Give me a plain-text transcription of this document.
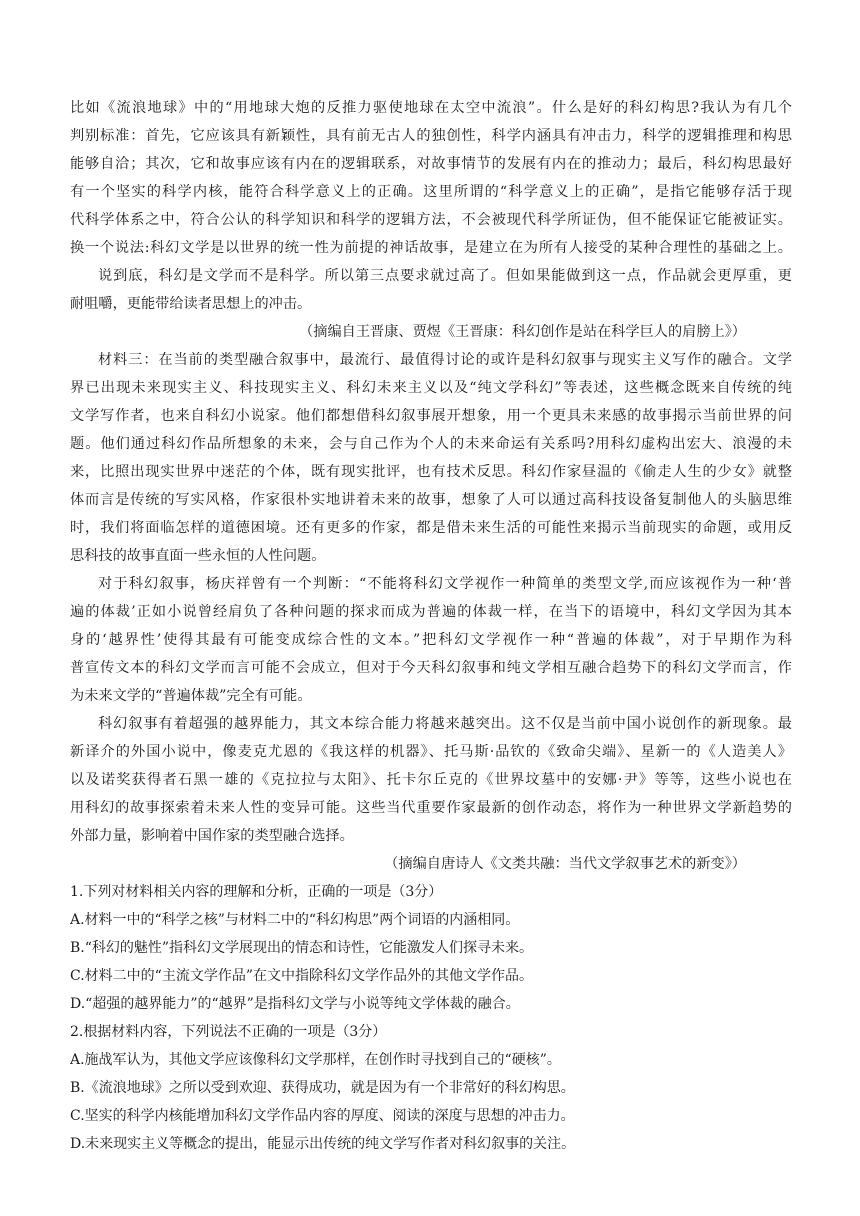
比如《流浪地球》中的“用地球大炮的反推力驱使地球在太空中流浪”。什么是好的科幻构思?我认为有几个
判别标准：首先，它应该具有新颖性，具有前无古人的独创性，科学内涵具有冲击力，科学的逻辑推理和构思
能够自洽；其次，它和故事应该有内在的逻辑联系，对故事情节的发展有内在的推动力；最后，科幻构思最好
有一个坚实的科学内核，能符合科学意义上的正确。这里所谓的“科学意义上的正确”，是指它能够存活于现
代科学体系之中，符合公认的科学知识和科学的逻辑方法，不会被现代科学所证伪，但不能保证它能被证实。
换一个说法:科幻文学是以世界的统一性为前提的神话故事，是建立在为所有人接受的某种合理性的基础之上。
说到底，科幻是文学而不是科学。所以第三点要求就过高了。但如果能做到这一点，作品就会更厚重，更
耐咀嚼，更能带给读者思想上的冲击。
（摘编自王晋康、贾煜《王晋康：科幻创作是站在科学巨人的肩膀上》）
材料三：在当前的类型融合叙事中，最流行、最值得讨论的或许是科幻叙事与现实主义写作的融合。文学
界已出现未来现实主义、科技现实主义、科幻未来主义以及“纯文学科幻”等表述，这些概念既来自传统的纯
文学写作者，也来自科幻小说家。他们都想借科幻叙事展开想象，用一个更具未来感的故事揭示当前世界的问
题。他们通过科幻作品所想象的未来，会与自己作为个人的未来命运有关系吗?用科幻虚构出宏大、浪漫的未
来，比照出现实世界中迷茫的个体，既有现实批评，也有技术反思。科幻作家昼温的《偷走人生的少女》就整
体而言是传统的写实风格，作家很朴实地讲着未来的故事，想象了人可以通过高科技设备复制他人的头脑思维
时，我们将面临怎样的道德困境。还有更多的作家，都是借未来生活的可能性来揭示当前现实的命题，或用反
思科技的故事直面一些永恒的人性问题。
对于科幻叙事，杨庆祥曾有一个判断：“不能将科幻文学视作一种简单的类型文学,而应该视作为一种‘普
遍的体裁’正如小说曾经肩负了各种问题的探求而成为普遍的体裁一样，在当下的语境中，科幻文学因为其本
身的‘越界性’使得其最有可能变成综合性的文本。”把科幻文学视作一种“普遍的体裁”，对于早期作为科
普宣传文本的科幻文学而言可能不会成立，但对于今天科幻叙事和纯文学相互融合趋势下的科幻文学而言，作
为未来文学的“普遍体裁”完全有可能。
科幻叙事有着超强的越界能力，其文本综合能力将越来越突出。这不仅是当前中国小说创作的新现象。最
新译介的外国小说中，像麦克尤恩的《我这样的机器》、托马斯·品钦的《致命尖端》、星新一的《人造美人》
以及诺奖获得者石黑一雄的《克拉拉与太阳》、托卡尔丘克的《世界坟墓中的安娜·尹》等等，这些小说也在
用科幻的故事探索着未来人性的变异可能。这些当代重要作家最新的创作动态，将作为一种世界文学新趋势的
外部力量，影响着中国作家的类型融合选择。
（摘编自唐诗人《文类共融：当代文学叙事艺术的新变》）
1.下列对材料相关内容的理解和分析，正确的一项是（3分）
A.材料一中的“科学之核”与材料二中的“科幻构思”两个词语的内涵相同。
B.“科幻的魅性”指科幻文学展现出的情态和诗性，它能激发人们探寻未来。
C.材料二中的“主流文学作品”在文中指除科幻文学作品外的其他文学作品。
D.“超强的越界能力”的“越界”是指科幻文学与小说等纯文学体裁的融合。
2.根据材料内容，下列说法不正确的一项是（3分）
A.施战军认为，其他文学应该像科幻文学那样，在创作时寻找到自己的“硬核”。
B.《流浪地球》之所以受到欢迎、获得成功，就是因为有一个非常好的科幻构思。
C.坚实的科学内核能增加科幻文学作品内容的厚度、阅读的深度与思想的冲击力。
D.未来现实主义等概念的提出，能显示出传统的纯文学写作者对科幻叙事的关注。
